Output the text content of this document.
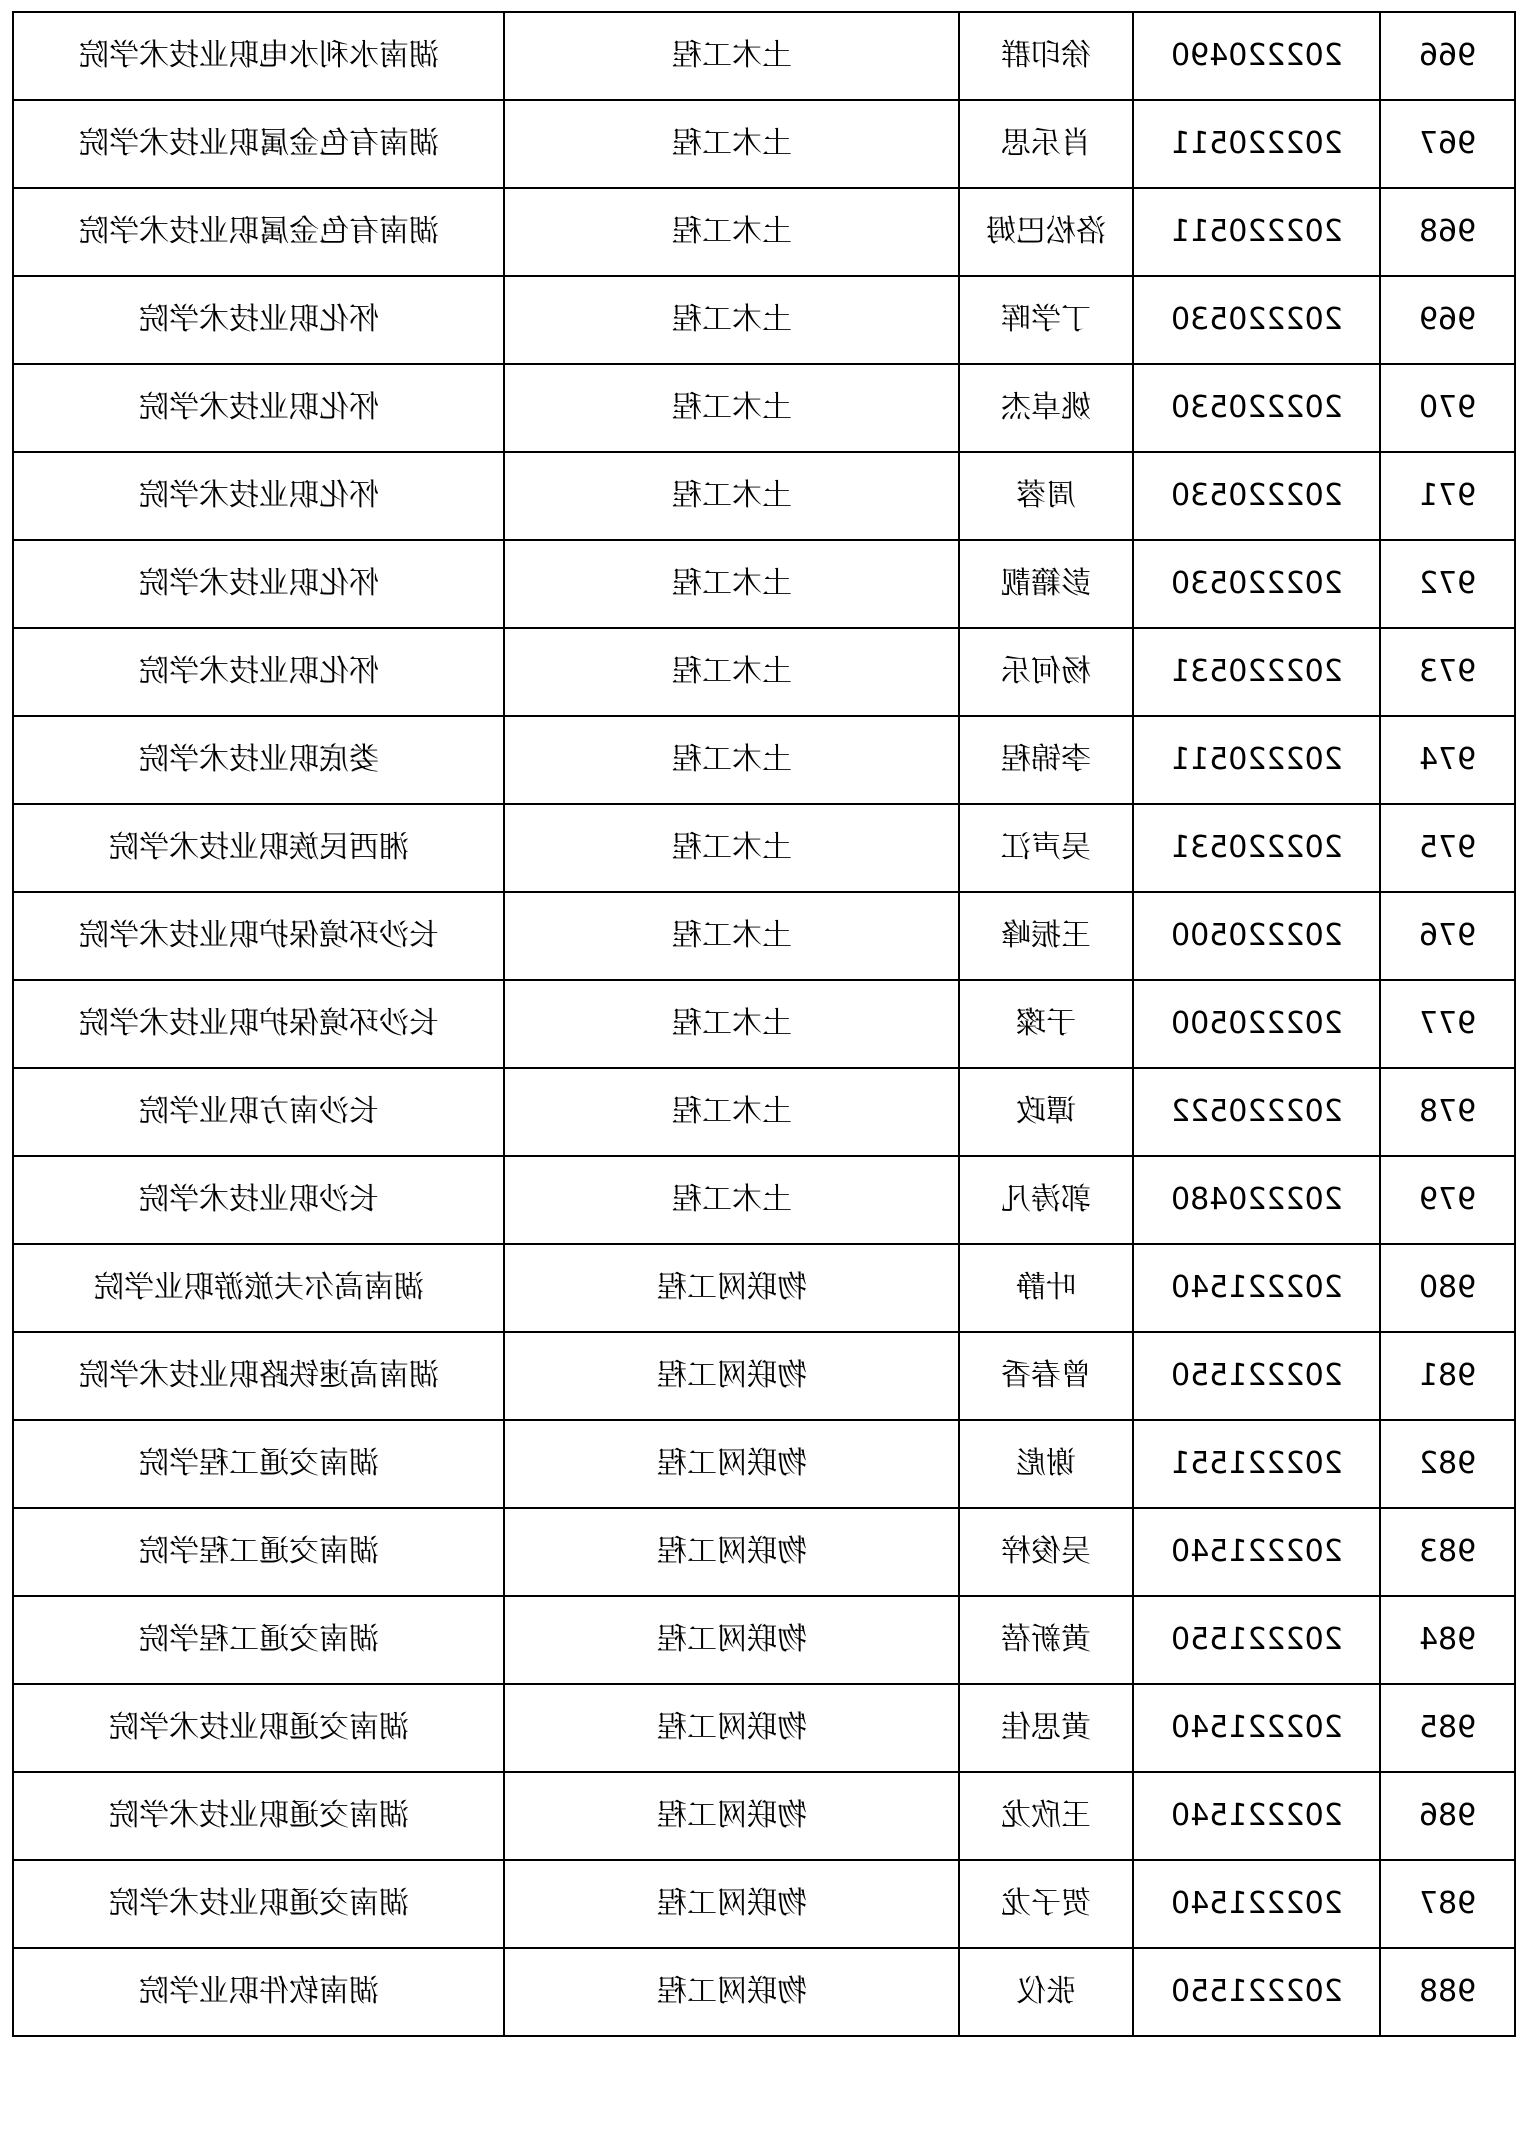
湖南水利水电职业技术学院	土木工程	徐印群	202220490	966
湖南有色金属职业技术学院	土木工程	肖乐思	202220511	967
湖南有色金属职业技术学院	土木工程	洛松巴姆	202220511	968
怀化职业技术学院	土木工程	丁学晖	202220530	969
怀化职业技术学院	土木工程	姚卓杰	202220530	970
怀化职业技术学院	土木工程	周蓉	202220530	971
怀化职业技术学院	土木工程	彭籍靓	202220530	972
怀化职业技术学院	土木工程	杨何乐	202220531	973
娄底职业技术学院	土木工程	李锦程	202220511	974
湘西民族职业技术学院	土木工程	吴声江	202220531	975
长沙环境保护职业技术学院	土木工程	王振峰	202220500	976
长沙环境保护职业技术学院	土木工程	于璨	202220500	977
长沙南方职业学院	土木工程	谭政	202220522	978
长沙职业技术学院	土木工程	郭涛凡	202220480	979
湖南高尔夫旅游职业学院	物联网工程	叶静	202221540	980
湖南高速铁路职业技术学院	物联网工程	曾春香	202221550	981
湖南交通工程学院	物联网工程	谢彪	202221551	982
湖南交通工程学院	物联网工程	吴俊梓	202221540	983
湖南交通工程学院	物联网工程	黄新蓓	202221550	984
湖南交通职业技术学院	物联网工程	黄思佳	202221540	985
湖南交通职业技术学院	物联网工程	王欣龙	202221540	986
湖南交通职业技术学院	物联网工程	贺子龙	202221540	987
湖南软件职业学院	物联网工程	张仪	202221550	988
